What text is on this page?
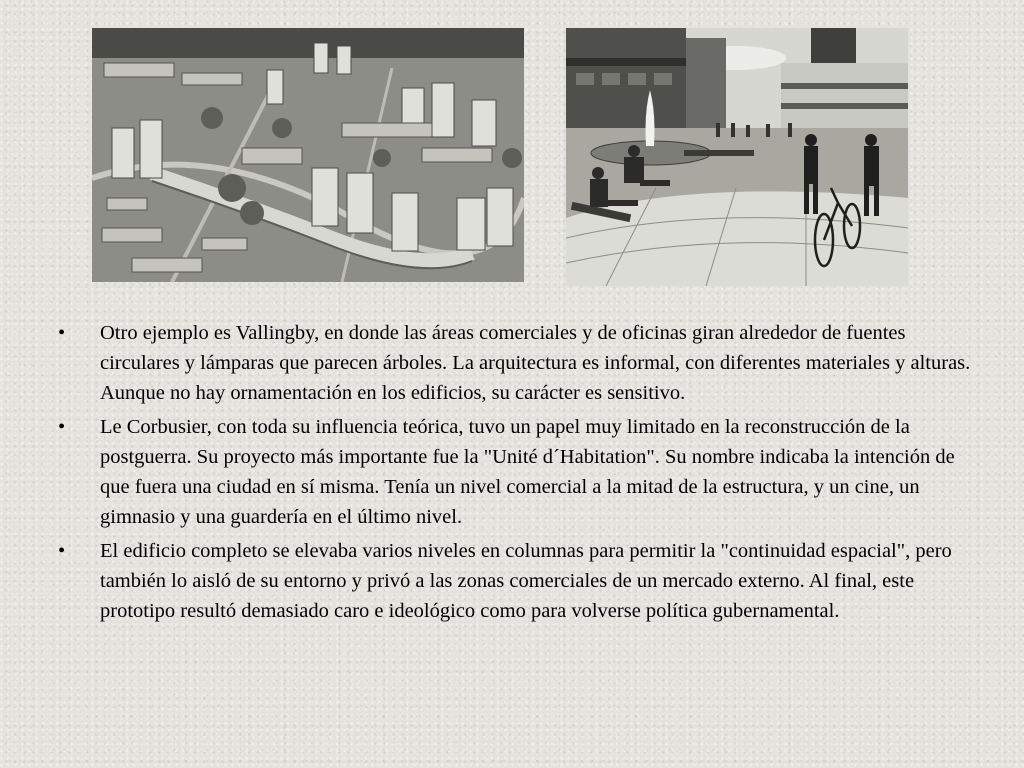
• Otro ejemplo es Vallingby, en donde las áreas comerciales y de oficinas giran alrededor de fuentes circulares y lámparas que parecen árboles. La arquitectura es informal, con diferentes materiales y alturas. Aunque no hay ornamentación en los edificios, su carácter es sensitivo.
• Le Corbusier, con toda su influencia teórica, tuvo un papel muy limitado en la reconstrucción de la postguerra. Su proyecto más importante fue la "Unité d´Habitation". Su nombre indicaba la intención de que fuera una ciudad en sí misma. Tenía un nivel comercial a la mitad de la estructura, y un cine, un gimnasio y una guardería en el último nivel.
• El edificio completo se elevaba varios niveles en columnas para permitir la "continuidad espacial", pero también lo aisló de su entorno y privó a las zonas comerciales de un mercado externo. Al final, este prototipo resultó demasiado caro e ideológico como para volverse política gubernamental.
